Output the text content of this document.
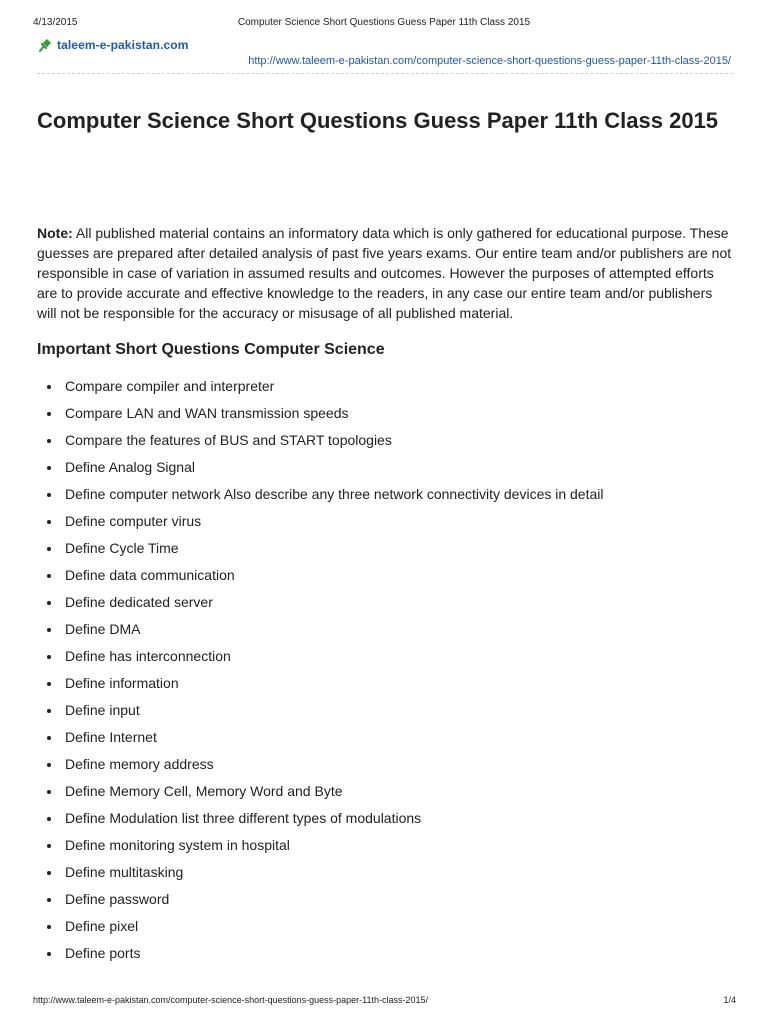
4/13/2015	Computer Science Short Questions Guess Paper 11th Class 2015
taleem-e-pakistan.com
http://www.taleem-e-pakistan.com/computer-science-short-questions-guess-paper-11th-class-2015/
Computer Science Short Questions Guess Paper 11th Class 2015

Note: All published material contains an informatory data which is only gathered for educational purpose. These guesses are prepared after detailed analysis of past five years exams. Our entire team and/or publishers are not responsible in case of variation in assumed results and outcomes. However the purposes of attempted efforts are to provide accurate and effective knowledge to the readers, in any case our entire team and/or publishers will not be responsible for the accuracy or misusage of all published material.

Important Short Questions Computer Science
Compare compiler and interpreter
Compare LAN and WAN transmission speeds
Compare the features of BUS and START topologies
Define Analog Signal
Define computer network Also describe any three network connectivity devices in detail
Define computer virus
Define Cycle Time
Define data communication
Define dedicated server
Define DMA
Define has interconnection
Define information
Define input
Define Internet
Define memory address
Define Memory Cell, Memory Word and Byte
Define Modulation list three different types of modulations
Define monitoring system in hospital
Define multitasking
Define password
Define pixel
Define ports
http://www.taleem-e-pakistan.com/computer-science-short-questions-guess-paper-11th-class-2015/	1/4
